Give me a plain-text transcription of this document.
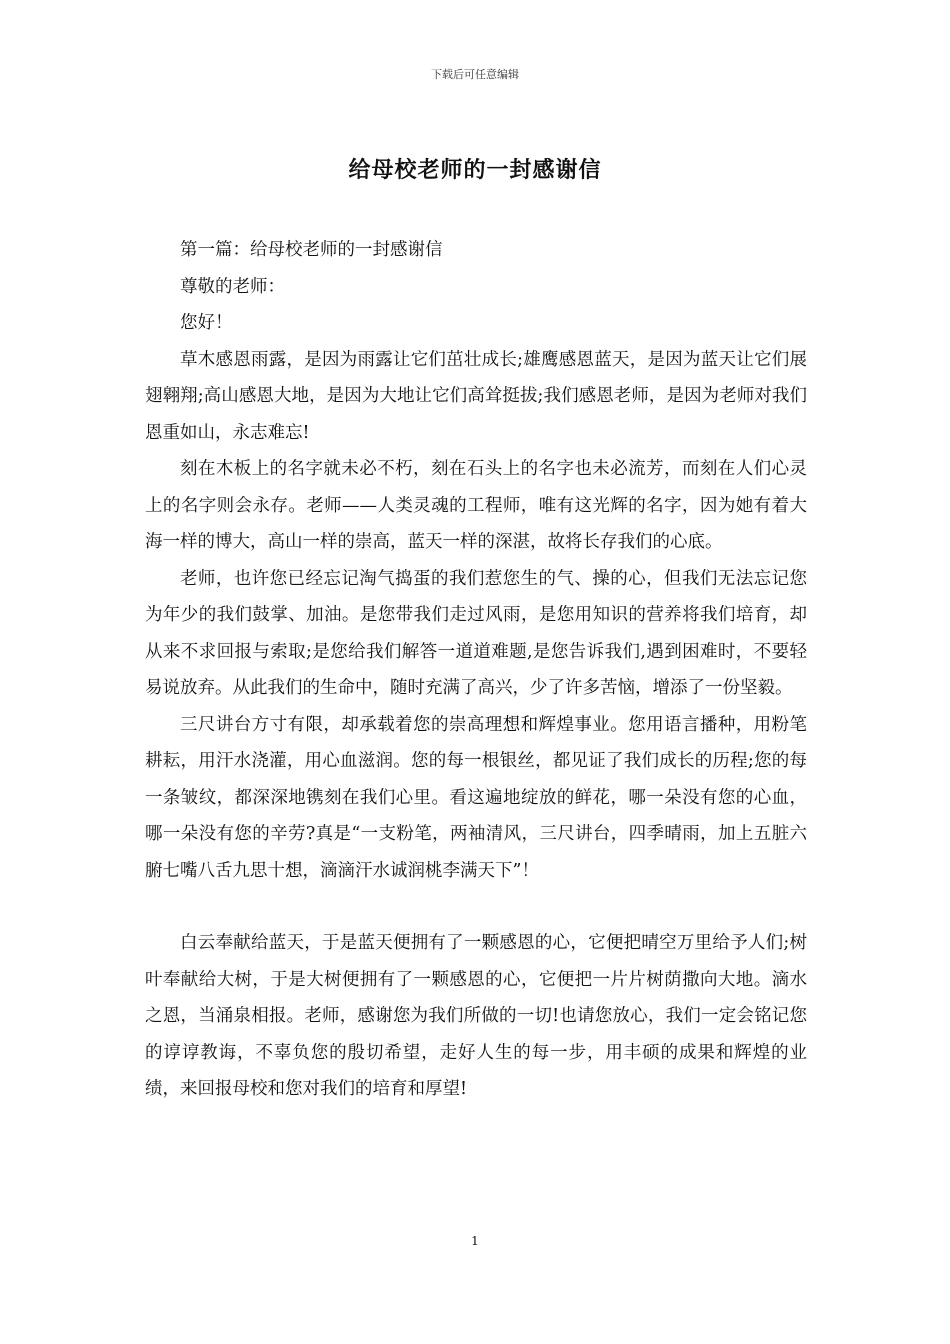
下载后可任意编辑
给母校老师的一封感谢信

第一篇：给母校老师的一封感谢信

尊敬的老师：

您好！

草木感恩雨露，是因为雨露让它们茁壮成长;雄鹰感恩蓝天，是因为蓝天让它们展翅翱翔;高山感恩大地，是因为大地让它们高耸挺拔;我们感恩老师，是因为老师对我们恩重如山，永志难忘!

刻在木板上的名字就未必不朽，刻在石头上的名字也未必流芳，而刻在人们心灵上的名字则会永存。老师——人类灵魂的工程师，唯有这光辉的名字，因为她有着大海一样的博大，高山一样的崇高，蓝天一样的深湛，故将长存我们的心底。

老师，也许您已经忘记淘气捣蛋的我们惹您生的气、操的心，但我们无法忘记您为年少的我们鼓掌、加油。是您带我们走过风雨，是您用知识的营养将我们培育，却从来不求回报与索取;是您给我们解答一道道难题,是您告诉我们,遇到困难时，不要轻易说放弃。从此我们的生命中，随时充满了高兴，少了许多苦恼，增添了一份坚毅。

三尺讲台方寸有限，却承载着您的崇高理想和辉煌事业。您用语言播种，用粉笔耕耘，用汗水浇灌，用心血滋润。您的每一根银丝，都见证了我们成长的历程;您的每一条皱纹，都深深地镌刻在我们心里。看这遍地绽放的鲜花，哪一朵没有您的心血，哪一朵没有您的辛劳?真是“一支粉笔，两袖清风，三尺讲台，四季晴雨，加上五脏六腑七嘴八舌九思十想，滴滴汗水诚润桃李满天下”！

白云奉献给蓝天，于是蓝天便拥有了一颗感恩的心，它便把晴空万里给予人们;树叶奉献给大树，于是大树便拥有了一颗感恩的心，它便把一片片树荫撒向大地。滴水之恩，当涌泉相报。老师，感谢您为我们所做的一切!也请您放心，我们一定会铭记您的谆谆教诲，不辜负您的殷切希望，走好人生的每一步，用丰硕的成果和辉煌的业绩，来回报母校和您对我们的培育和厚望!

1
